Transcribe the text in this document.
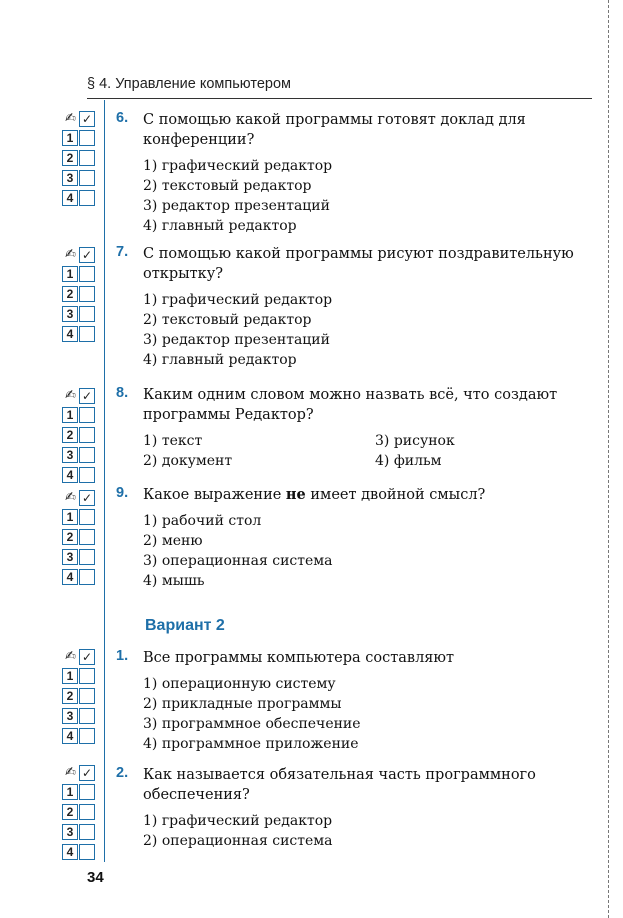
§ 4. Управление компьютером
✍ ✓
1
2
3
4
✍ ✓
1
2
3
4
✍ ✓
1
2
3
4
✍ ✓
1
2
3
4
✍ ✓
1
2
3
4
✍ ✓
1
2
3
4
6. С помощью какой программы готовят доклад для конференции?
1) графический редактор
2) текстовый редактор
3) редактор презентаций
4) главный редактор
7. С помощью какой программы рисуют поздравительную открытку?
1) графический редактор
2) текстовый редактор
3) редактор презентаций
4) главный редактор
8. Каким одним словом можно назвать всё, что создают программы Редактор?
1) текст	3) рисунок
2) документ	4) фильм
9. Какое выражение не имеет двойной смысл?
1) рабочий стол
2) меню
3) операционная система
4) мышь
Вариант 2
1. Все программы компьютера составляют
1) операционную систему
2) прикладные программы
3) программное обеспечение
4) программное приложение
2. Как называется обязательная часть программного обеспечения?
1) графический редактор
2) операционная система
34
